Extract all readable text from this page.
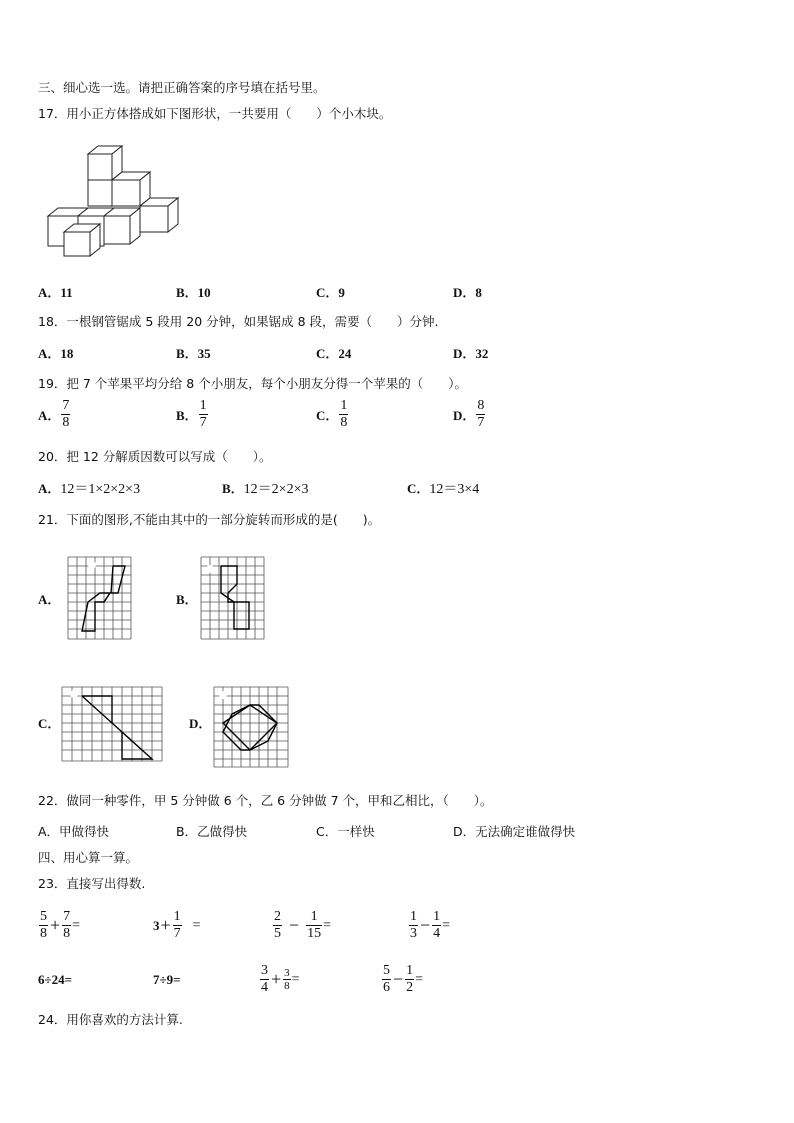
三、细心选一选。请把正确答案的序号填在括号里。
17．用小正方体搭成如下图形状，一共要用（　　）个小木块。
A．11	B．10	C．9	D．8
18．一根钢管锯成 5 段用 20 分钟，如果锯成 8 段，需要（　　）分钟.
A．18	B．35	C．24	D．32
19．把 7 个苹果平均分给 8 个小朋友，每个小朋友分得一个苹果的（　　）。
A． $\frac{7}{8}$	B． $\frac{1}{7}$	C． $\frac{1}{8}$	D． $\frac{8}{7}$
20．把 12 分解质因数可以写成（　　）。
A．12＝1×2×2×3	B．12＝2×2×3	C．12＝3×4
21．下面的图形,不能由其中的一部分旋转而形成的是(　　)。
A．	B．
C．	D．
22．做同一种零件，甲 5 分钟做 6 个，乙 6 分钟做 7 个，甲和乙相比，（　　）。
A．甲做得快	B．乙做得快	C．一样快	D．无法确定谁做得快
四、用心算一算。
23．直接写出得数.
$\frac{5}{8} + \frac{7}{8}$ =	$3 + \frac{1}{7}$ =	$\frac{2}{5} - \frac{1}{15}$ =	$\frac{1}{3} - \frac{1}{4}$ =
6÷24=	7÷9=	$\frac{3}{4} + \frac{3}{8}$ =	$\frac{5}{6} - \frac{1}{2}$ =
24．用你喜欢的方法计算.
